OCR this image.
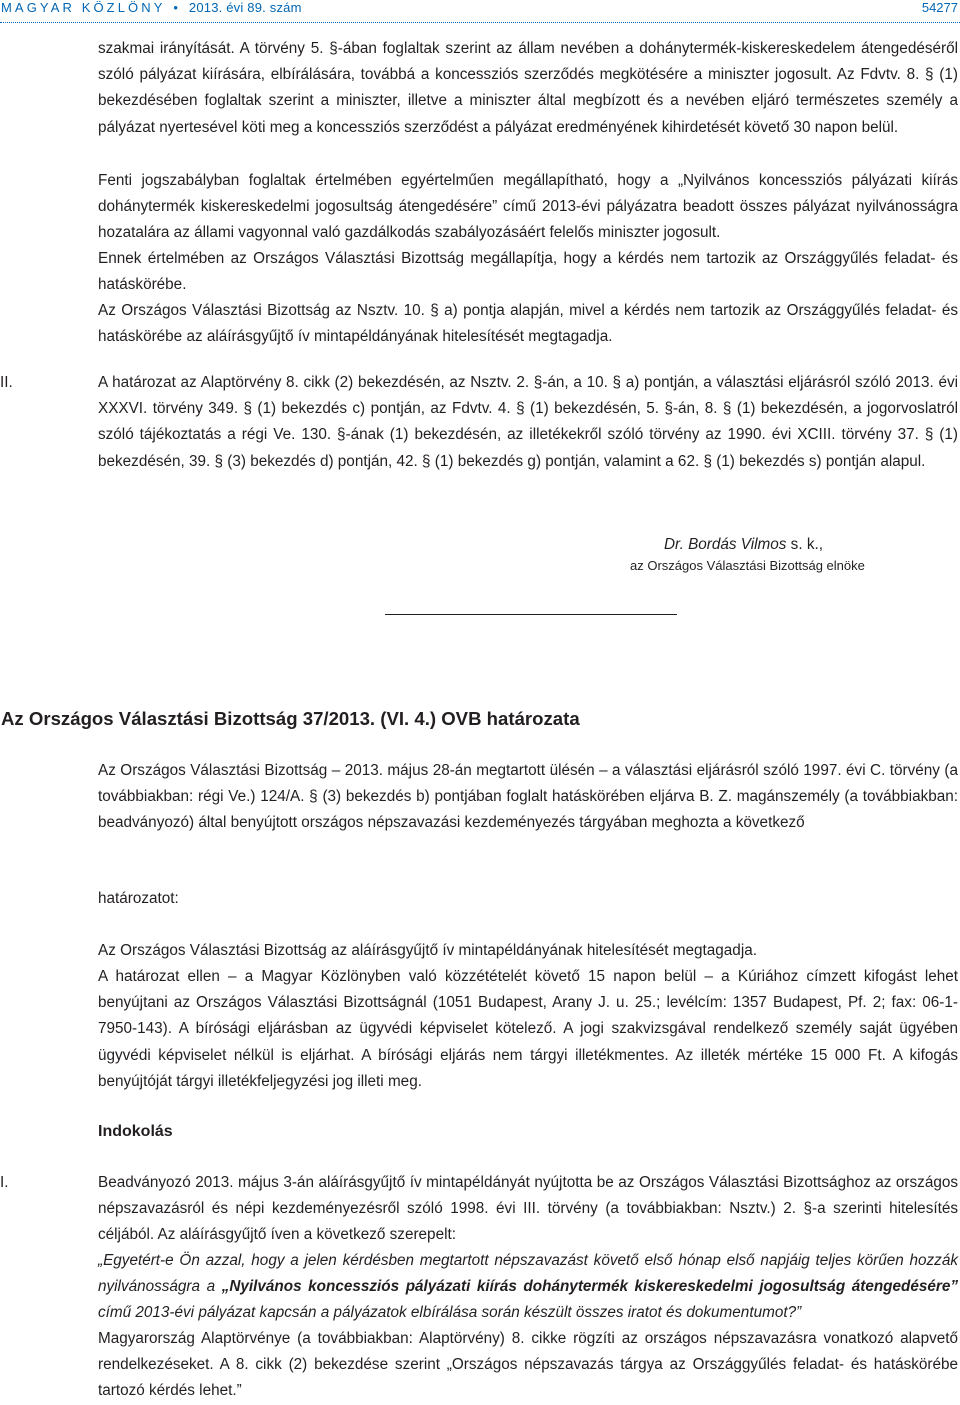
MAGYAR KÖZLÖNY • 2013. évi 89. szám	54277
szakmai irányítását. A törvény 5. §-ában foglaltak szerint az állam nevében a dohánytermék-kiskereskedelem átengedéséről szóló pályázat kiírására, elbírálására, továbbá a koncessziós szerződés megkötésére a miniszter jogosult. Az Fdvtv. 8. § (1) bekezdésében foglaltak szerint a miniszter, illetve a miniszter által megbízott és a nevében eljáró természetes személy a pályázat nyertesével köti meg a koncessziós szerződést a pályázat eredményének kihirdetését követő 30 napon belül.
Fenti jogszabályban foglaltak értelmében egyértelműen megállapítható, hogy a „Nyilvános koncessziós pályázati kiírás dohánytermék kiskereskedelmi jogosultság átengedésére” című 2013-évi pályázatra beadott összes pályázat nyilvánosságra hozatalára az állami vagyonnal való gazdálkodás szabályozásáért felelős miniszter jogosult.
Ennek értelmében az Országos Választási Bizottság megállapítja, hogy a kérdés nem tartozik az Országgyűlés feladat- és hatáskörébe.
Az Országos Választási Bizottság az Nsztv. 10. § a) pontja alapján, mivel a kérdés nem tartozik az Országgyűlés feladat- és hatáskörébe az aláírásgyűjtő ív mintapéldányának hitelesítését megtagadja.
II.	A határozat az Alaptörvény 8. cikk (2) bekezdésén, az Nsztv. 2. §-án, a 10. § a) pontján, a választási eljárásról szóló 2013. évi XXXVI. törvény 349. § (1) bekezdés c) pontján, az Fdvtv. 4. § (1) bekezdésén, 5. §-án, 8. § (1) bekezdésén, a jogorvoslatról szóló tájékoztatás a régi Ve. 130. §-ának (1) bekezdésén, az illetékekről szóló törvény az 1990. évi XCIII. törvény 37. § (1) bekezdésén, 39. § (3) bekezdés d) pontján, 42. § (1) bekezdés g) pontján, valamint a 62. § (1) bekezdés s) pontján alapul.
Dr. Bordás Vilmos s. k.,
az Országos Választási Bizottság elnöke
Az Országos Választási Bizottság 37/2013. (VI. 4.) OVB határozata
Az Országos Választási Bizottság – 2013. május 28-án megtartott ülésén – a választási eljárásról szóló 1997. évi C. törvény (a továbbiakban: régi Ve.) 124/A. § (3) bekezdés b) pontjában foglalt hatáskörében eljárva B. Z. magánszemély (a továbbiakban: beadványozó) által benyújtott országos népszavazási kezdeményezés tárgyában meghozta a következő
határozatot:
Az Országos Választási Bizottság az aláírásgyűjtő ív mintapéldányának hitelesítését megtagadja.
A határozat ellen – a Magyar Közlönyben való közzétételét követő 15 napon belül – a Kúriához címzett kifogást lehet benyújtani az Országos Választási Bizottságnál (1051 Budapest, Arany J. u. 25.; levélcím: 1357 Budapest, Pf. 2; fax: 06-1-7950-143). A bírósági eljárásban az ügyvédi képviselet kötelező. A jogi szakvizsgával rendelkező személy saját ügyében ügyvédi képviselet nélkül is eljárhat. A bírósági eljárás nem tárgyi illetékmentes. Az illeték mértéke 15 000 Ft. A kifogás benyújtóját tárgyi illetékfeljegyzési jog illeti meg.
Indokolás
I.	Beadványozó 2013. május 3-án aláírásgyűjtő ív mintapéldányát nyújtotta be az Országos Választási Bizottsághoz az országos népszavazásról és népi kezdeményezésről szóló 1998. évi III. törvény (a továbbiakban: Nsztv.) 2. §-a szerinti hitelesítés céljából. Az aláírásgyűjtő íven a következő szerepelt:
„Egyetért-e Ön azzal, hogy a jelen kérdésben megtartott népszavazást követő első hónap első napjáig teljes körűen hozzák nyilvánosságra a „Nyilvános koncessziós pályázati kiírás dohánytermék kiskereskedelmi jogosultság átengedésére” című 2013-évi pályázat kapcsán a pályázatok elbírálása során készült összes iratot és dokumentumot?”
Magyarország Alaptörvénye (a továbbiakban: Alaptörvény) 8. cikke rögzíti az országos népszavazásra vonatkozó alapvető rendelkezéseket. A 8. cikk (2) bekezdése szerint „Országos népszavazás tárgya az Országgyűlés feladat- és hatáskörébe tartozó kérdés lehet.”
